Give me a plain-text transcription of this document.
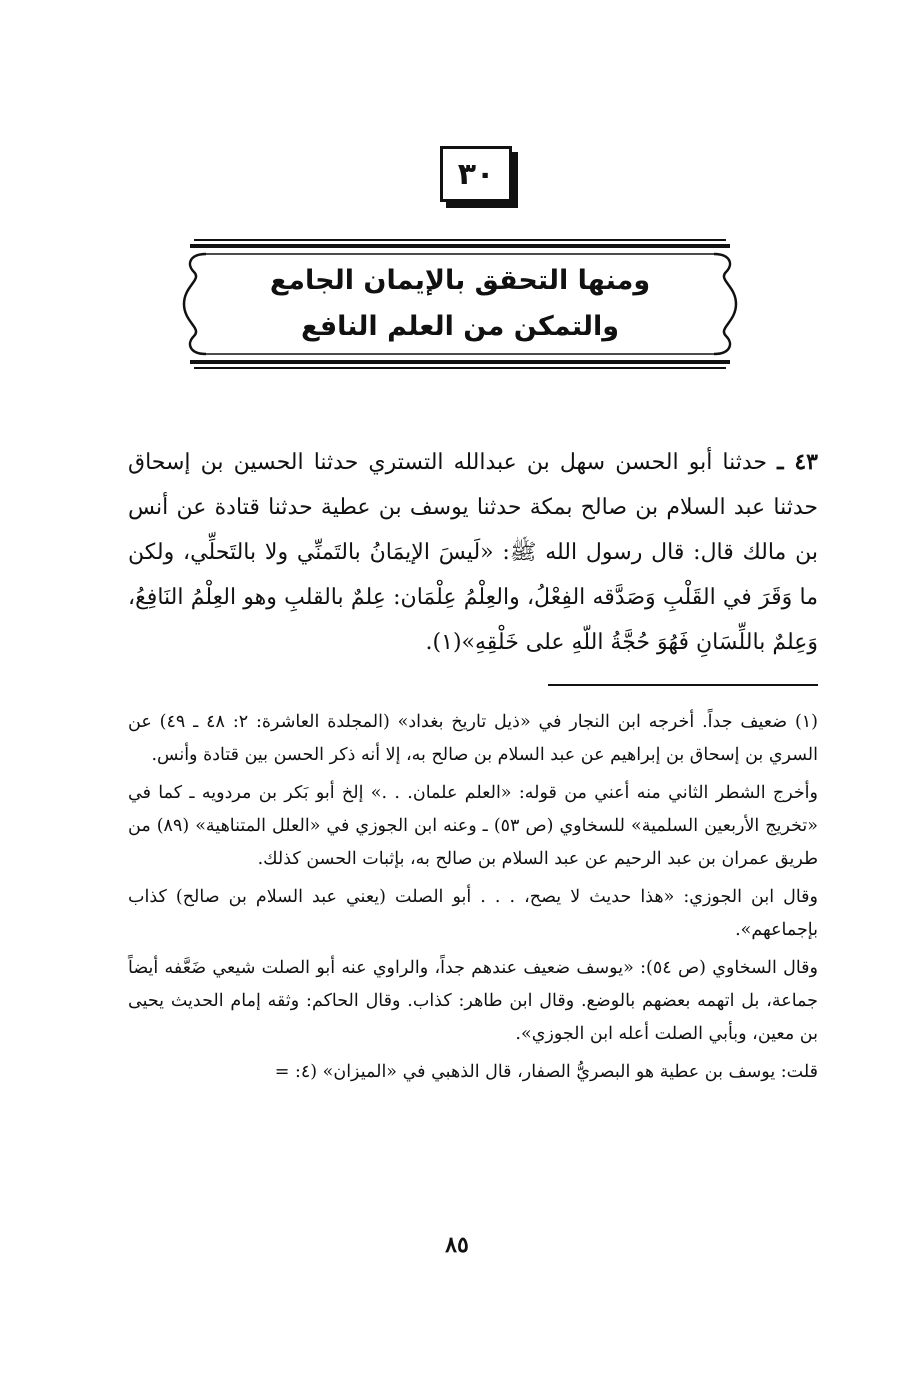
٣٠
ومنها التحقق بالإيمان الجامع
والتمكن من العلم النافع
٤٣ ـ حدثنا أبو الحسن سهل بن عبدالله التستري حدثنا الحسين بن إسحاق حدثنا عبد السلام بن صالح بمكة حدثنا يوسف بن عطية حدثنا قتادة عن أنس بن مالك قال: قال رسول الله ﷺ: «لَيسَ الإيمَانُ بالتَمنِّي ولا بالتَحلِّي، ولكن ما وَقَرَ في القَلْبِ وَصَدَّقه الفِعْلُ، والعِلْمُ عِلْمَان: عِلمٌ بالقلبِ وهو العِلْمُ النَافِعُ، وَعِلمٌ باللِّسَانِ فَهُوَ حُجَّةُ اللّهِ على خَلْقِهِ»(١).

(١) ضعيف جداً. أخرجه ابن النجار في «ذيل تاريخ بغداد» (المجلدة العاشرة: ٢: ٤٨ ـ ٤٩) عن السري بن إسحاق بن إبراهيم عن عبد السلام بن صالح به، إلا أنه ذكر الحسن بين قتادة وأنس.

وأخرج الشطر الثاني منه أعني من قوله: «العلم علمان. . .» إلخ أبو بَكر بن مردويه ـ كما في «تخريج الأربعين السلمية» للسخاوي (ص ٥٣) ـ وعنه ابن الجوزي في «العلل المتناهية» (٨٩) من طريق عمران بن عبد الرحيم عن عبد السلام بن صالح به، بإثبات الحسن كذلك.

وقال ابن الجوزي: «هذا حديث لا يصح، . . . أبو الصلت (يعني عبد السلام بن صالح) كذاب بإجماعهم».

وقال السخاوي (ص ٥٤): «يوسف ضعيف عندهم جداً، والراوي عنه أبو الصلت شيعي ضَعَّفه أيضاً جماعة، بل اتهمه بعضهم بالوضع. وقال ابن طاهر: كذاب. وقال الحاكم: وثقه إمام الحديث يحيى بن معين، وبأبي الصلت أعله ابن الجوزي».

قلت: يوسف بن عطية هو البصريُّ الصفار، قال الذهبي في «الميزان» (٤: =

٨٥
